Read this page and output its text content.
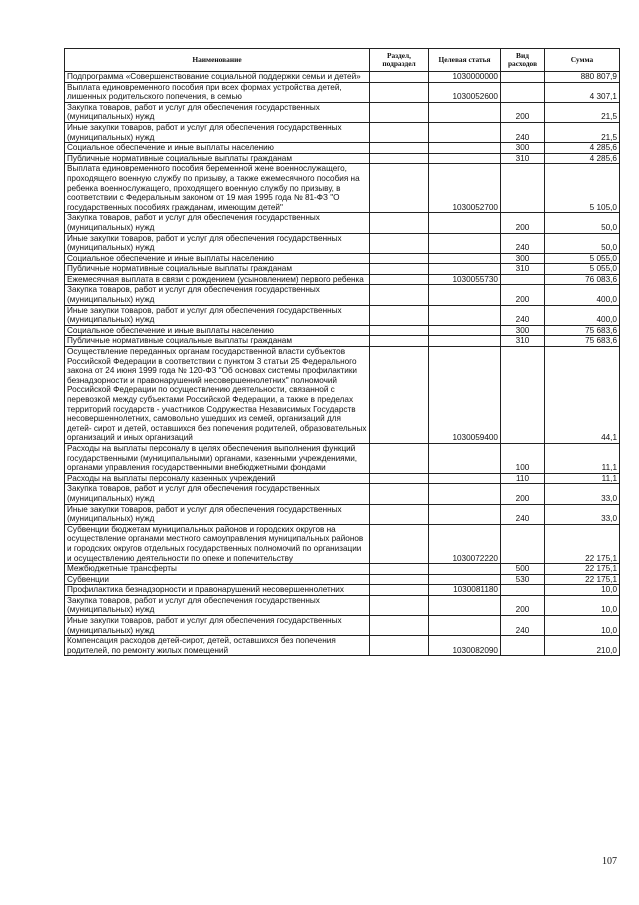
Наименование	Раздел, подраздел	Целевая статья	Вид расходов	Сумма
Подпрограмма «Совершенствование социальной поддержки семьи и детей»		1030000000		880 807,9
Выплата единовременного пособия при всех формах устройства детей, лишенных родительского попечения, в семью		1030052600		4 307,1
Закупка товаров, работ и услуг для обеспечения государственных (муниципальных) нужд			200	21,5
Иные закупки товаров, работ и услуг для обеспечения государственных (муниципальных) нужд			240	21,5
Социальное обеспечение и иные выплаты населению			300	4 285,6
Публичные нормативные социальные выплаты гражданам			310	4 285,6
Выплата единовременного пособия беременной жене военнослужащего, проходящего военную службу по призыву, а также ежемесячного пособия на ребенка военнослужащего, проходящего военную службу по призыву, в соответствии с Федеральным законом от 19 мая 1995 года № 81-ФЗ "О государственных пособиях гражданам, имеющим детей"		1030052700		5 105,0
Закупка товаров, работ и услуг для обеспечения государственных (муниципальных) нужд			200	50,0
Иные закупки товаров, работ и услуг для обеспечения государственных (муниципальных) нужд			240	50,0
Социальное обеспечение и иные выплаты населению			300	5 055,0
Публичные нормативные социальные выплаты гражданам			310	5 055,0
Ежемесячная выплата в связи с рождением (усыновлением) первого ребенка		1030055730		76 083,6
Закупка товаров, работ и услуг для обеспечения государственных (муниципальных) нужд			200	400,0
Иные закупки товаров, работ и услуг для обеспечения государственных (муниципальных) нужд			240	400,0
Социальное обеспечение и иные выплаты населению			300	75 683,6
Публичные нормативные социальные выплаты гражданам			310	75 683,6
Осуществление переданных органам государственной власти субъектов Российской Федерации в соответствии с пунктом 3 статьи 25 Федерального закона от 24 июня 1999 года № 120-ФЗ "Об основах системы профилактики безнадзорности и правонарушений несовершеннолетних" полномочий Российской Федерации по осуществлению деятельности, связанной с перевозкой между субъектами Российской Федерации, а также в пределах территорий государств - участников Содружества Независимых Государств несовершеннолетних, самовольно ушедших из семей, организаций для детей- сирот и детей, оставшихся без попечения родителей, образовательных организаций и иных организаций		1030059400		44,1
Расходы на выплаты персоналу в целях обеспечения выполнения функций государственными (муниципальными) органами, казенными учреждениями, органами управления государственными внебюджетными фондами			100	11,1
Расходы на выплаты персоналу казенных учреждений			110	11,1
Закупка товаров, работ и услуг для обеспечения государственных (муниципальных) нужд			200	33,0
Иные закупки товаров, работ и услуг для обеспечения государственных (муниципальных) нужд			240	33,0
Субвенции бюджетам муниципальных районов и городских округов на осуществление органами местного самоуправления муниципальных районов и городских округов отдельных государственных полномочий по организации и осуществлению деятельности по опеке и попечительству		1030072220		22 175,1
Межбюджетные трансферты			500	22 175,1
Субвенции			530	22 175,1
Профилактика безнадзорности и правонарушений несовершеннолетних		1030081180		10,0
Закупка товаров, работ и услуг для обеспечения государственных (муниципальных) нужд			200	10,0
Иные закупки товаров, работ и услуг для обеспечения государственных (муниципальных) нужд			240	10,0
Компенсация расходов детей-сирот, детей, оставшихся без попечения родителей, по ремонту жилых помещений		1030082090		210,0
107
